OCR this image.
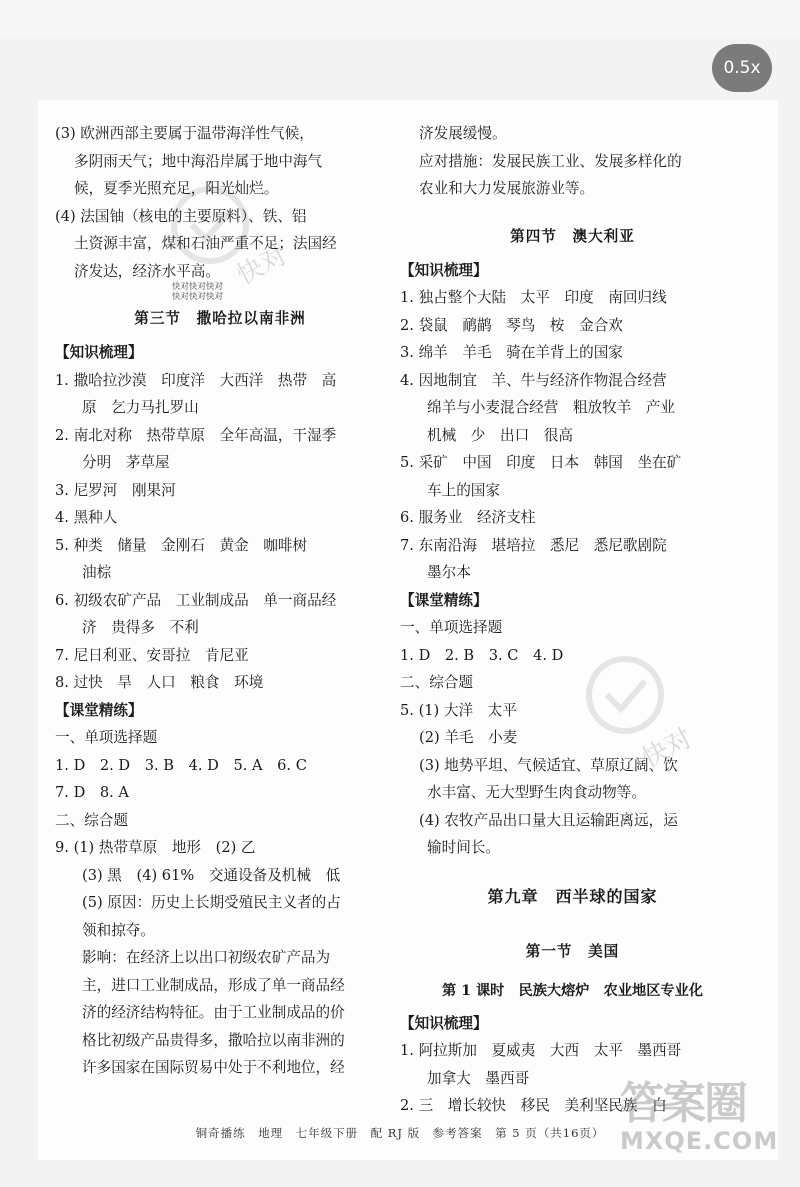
0.5x
快对
快对
快对快对快对
快对快对快对
(3) 欧洲西部主要属于温带海洋性气候，
多阴雨天气；地中海沿岸属于地中海气
候，夏季光照充足，阳光灿烂。
(4) 法国铀（核电的主要原料）、铁、铝
土资源丰富，煤和石油严重不足；法国经
济发达，经济水平高。
第三节　撒哈拉以南非洲
【知识梳理】
1. 撒哈拉沙漠　印度洋　大西洋　热带　高
原　乞力马扎罗山
2. 南北对称　热带草原　全年高温，干湿季
分明　茅草屋
3. 尼罗河　刚果河
4. 黑种人
5. 种类　储量　金刚石　黄金　咖啡树
油棕
6. 初级农矿产品　工业制成品　单一商品经
济　贵得多　不利
7. 尼日利亚、安哥拉　肯尼亚
8. 过快　旱　人口　粮食　环境
【课堂精练】
一、单项选择题
1. D　2. D　3. B　4. D　5. A　6. C
7. D　8. A
二、综合题
9. (1) 热带草原　地形　(2) 乙
(3) 黑　(4) 61%　交通设备及机械　低
(5) 原因：历史上长期受殖民主义者的占
领和掠夺。
影响：在经济上以出口初级农矿产品为
主，进口工业制成品，形成了单一商品经
济的经济结构特征。由于工业制成品的价
格比初级产品贵得多，撒哈拉以南非洲的
许多国家在国际贸易中处于不利地位，经
济发展缓慢。
应对措施：发展民族工业、发展多样化的
农业和大力发展旅游业等。
第四节　澳大利亚
【知识梳理】
1. 独占整个大陆　太平　印度　南回归线
2. 袋鼠　鸸鹋　琴鸟　桉　金合欢
3. 绵羊　羊毛　骑在羊背上的国家
4. 因地制宜　羊、牛与经济作物混合经营
绵羊与小麦混合经营　粗放牧羊　产业
机械　少　出口　很高
5. 采矿　中国　印度　日本　韩国　坐在矿
车上的国家
6. 服务业　经济支柱
7. 东南沿海　堪培拉　悉尼　悉尼歌剧院
墨尔本
【课堂精练】
一、单项选择题
1. D　2. B　3. C　4. D
二、综合题
5. (1) 大洋　太平
(2) 羊毛　小麦
(3) 地势平坦、气候适宜、草原辽阔、饮
水丰富、无大型野生肉食动物等。
(4) 农牧产品出口量大且运输距离远，运
输时间长。
第九章　西半球的国家
第一节　美国
第 1 课时　民族大熔炉　农业地区专业化
【知识梳理】
1. 阿拉斯加　夏威夷　大西　太平　墨西哥
加拿大　墨西哥
2. 三　增长较快　移民　美利坚民族　白
铜奇播练　地理　七年级下册　配 RJ 版　参考答案　第 5 页（共16页）
答案圈
MXQE.COM
